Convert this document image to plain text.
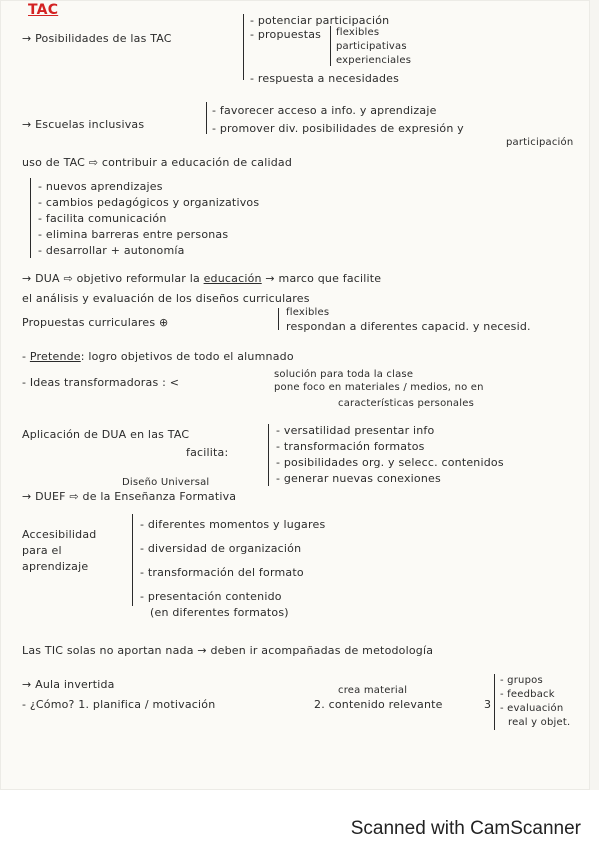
TAC
→ Posibilidades de las TAC
- potenciar participación
- propuestas flexibles
participativas
experienciales
- respuesta a necesidades
→ Escuelas inclusivas
- favorecer acceso a info. y aprendizaje
- promover div. posibilidades de expresión y
participación
uso de TAC ⇨ contribuir a educación de calidad
- nuevos aprendizajes
- cambios pedagógicos y organizativos
- facilita comunicación
- elimina barreras entre personas
- desarrollar + autonomía
→ DUA ⇨ objetivo reformular la educación → marco que facilite
el análisis y evaluación de los diseños curriculares
Propuestas curriculares ⊕
flexibles
respondan a diferentes capacid. y necesid.
- Pretende: logro objetivos de todo el alumnado
- Ideas transformadoras : <
solución para toda la clase
pone foco en materiales / medios, no en
características personales
Aplicación de DUA en las TAC
facilita:
- versatilidad presentar info
- transformación formatos
- posibilidades org. y selecc. contenidos
- generar nuevas conexiones
Diseño Universal
→ DUEF ⇨ de la Enseñanza Formativa
Accesibilidad
para el
aprendizaje
- diferentes momentos y lugares
- diversidad de organización
- transformación del formato
- presentación contenido
(en diferentes formatos)
Las TIC solas no aportan nada → deben ir acompañadas de metodología
→ Aula invertida
- ¿Cómo? 1. planifica / motivación
crea material
2. contenido relevante	3
- grupos
- feedback
- evaluación
real y objet.
Scanned with CamScanner
